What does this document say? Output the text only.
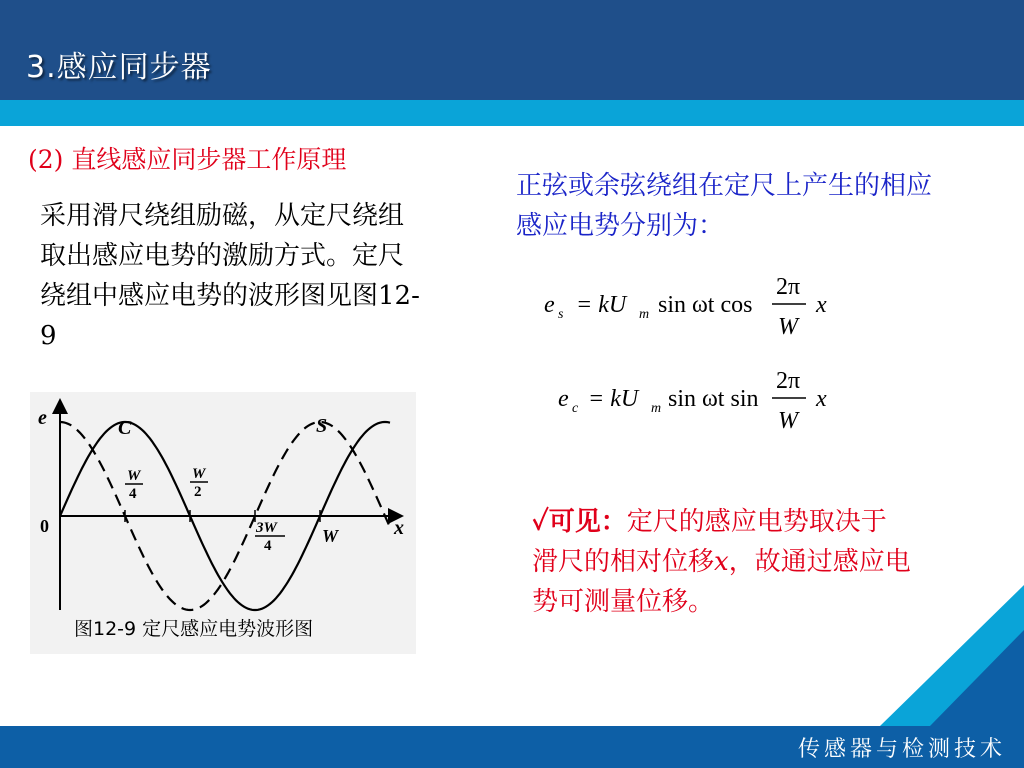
3.感应同步器
(2) 直线感应同步器工作原理
采用滑尺绕组励磁，从定尺绕组取出感应电势的激励方式。定尺绕组中感应电势的波形图见图12-9
正弦或余弦绕组在定尺上产生的相应感应电势分别为：
e s = kU m sin ωt cos
2π
W
x
e c = kU m sin ωt sin
2π
W
x
✓可见：定尺的感应电势取决于滑尺的相对位移x，故通过感应电势可测量位移。
e
x
C	S
W
0
W
4
W
2
3W
4
图12-9 定尺感应电势波形图
传感器与检测技术
